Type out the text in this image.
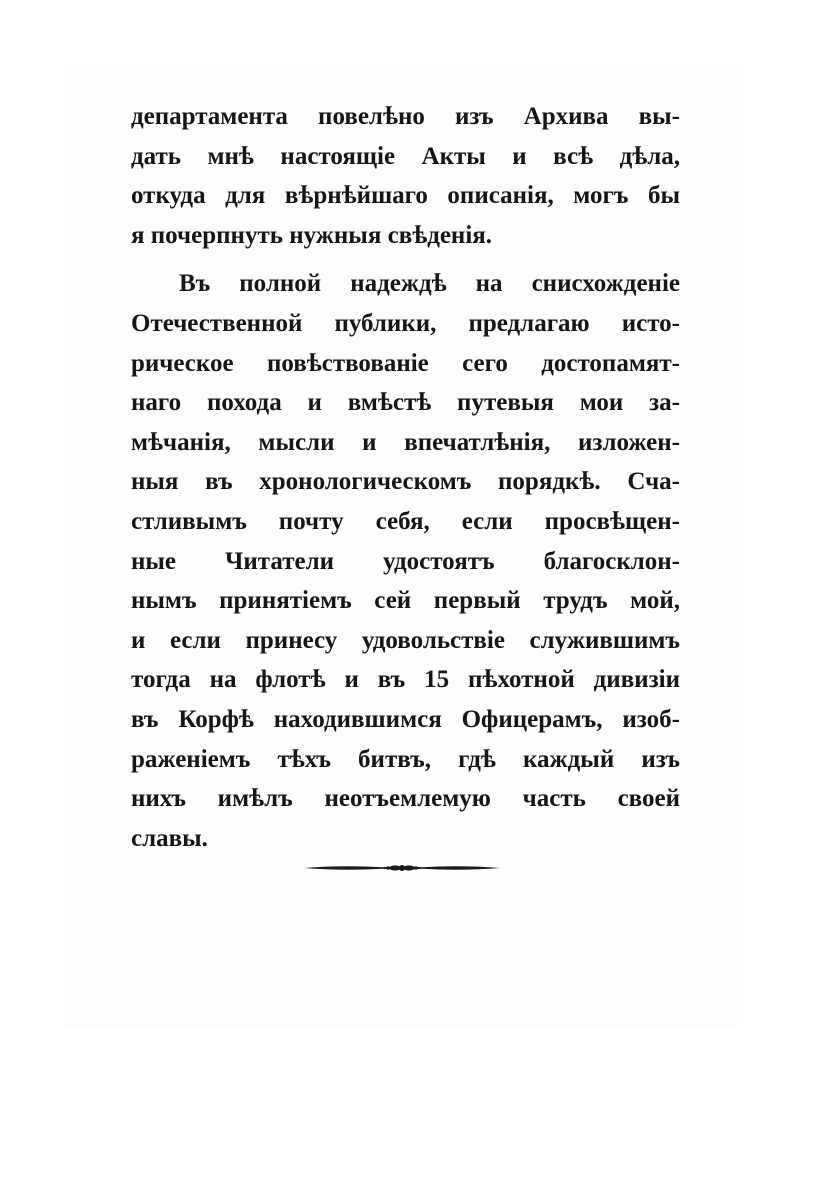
департамента повелѣно изъ Архива вы-
дать мнѣ настоящіе Акты и всѣ дѣла,
откуда для вѣрнѣйшаго описанія, могъ бы
я почерпнуть нужныя свѣденія.
Въ полной надеждѣ на снисхожденіе
Отечественной публики, предлагаю исто-
рическое повѣствованіе сего достопамят-
наго похода и вмѣстѣ путевыя мои за-
мѣчанія, мысли и впечатлѣнія, изложен-
ныя въ хронологическомъ порядкѣ. Сча-
стливымъ почту себя, если просвѣщен-
ные Читатели удостоятъ благосклон-
нымъ принятіемъ сей первый трудъ мой,
и если принесу удовольствіе служившимъ
тогда на флотѣ и въ 15 пѣхотной дивизіи
въ Корфѣ находившимся Офицерамъ, изоб-
раженіемъ тѣхъ битвъ, гдѣ каждый изъ
нихъ имѣлъ неотъемлемую часть своей
славы.
